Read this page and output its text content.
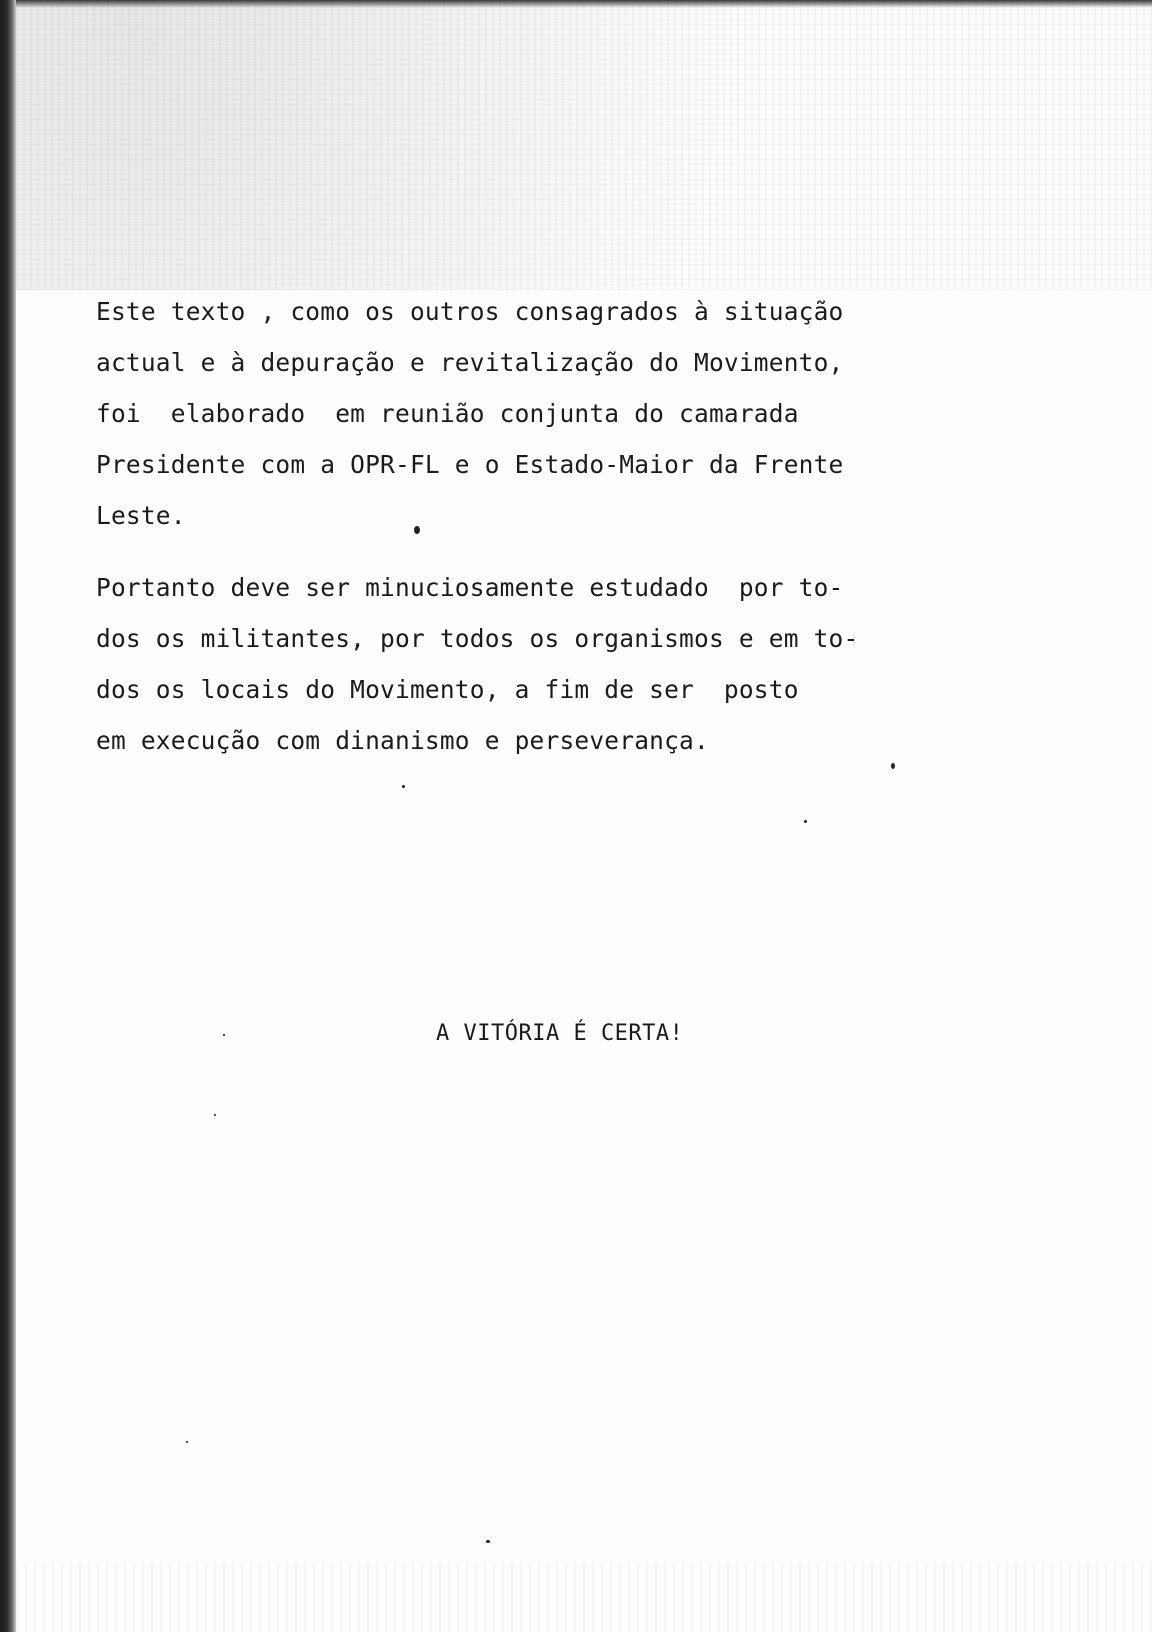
Este texto , como os outros consagrados à situação
actual e à depuração e revitalização do Movimento,
foi  elaborado  em reunião conjunta do camarada
Presidente com a OPR-FL e o Estado-Maior da Frente
Leste.
Portanto deve ser minuciosamente estudado  por to-
dos os militantes, por todos os organismos e em to-
dos os locais do Movimento, a fim de ser  posto
em execução com dinanismo e perseverança.
A VITÓRIA É CERTA!
